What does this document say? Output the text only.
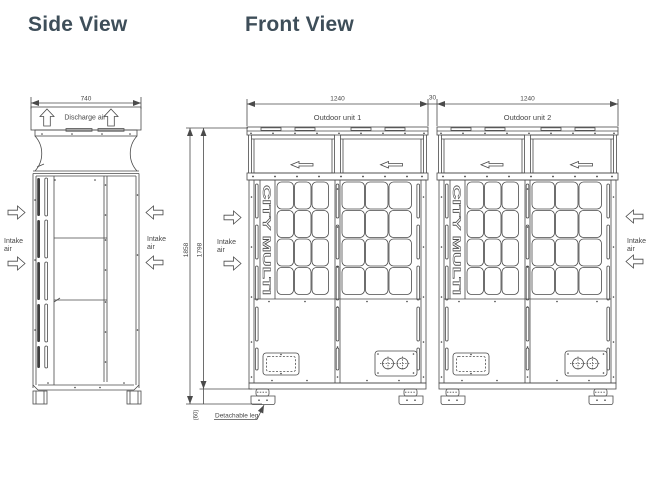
Side View	Front View
CITY MULTI	740
Discharge air
Intake
air
Intake
air
1240	30	1240
Outdoor unit 1	Outdoor unit 2
1858 1798
(60) Detachable leg
Intake
air
Intake
air
